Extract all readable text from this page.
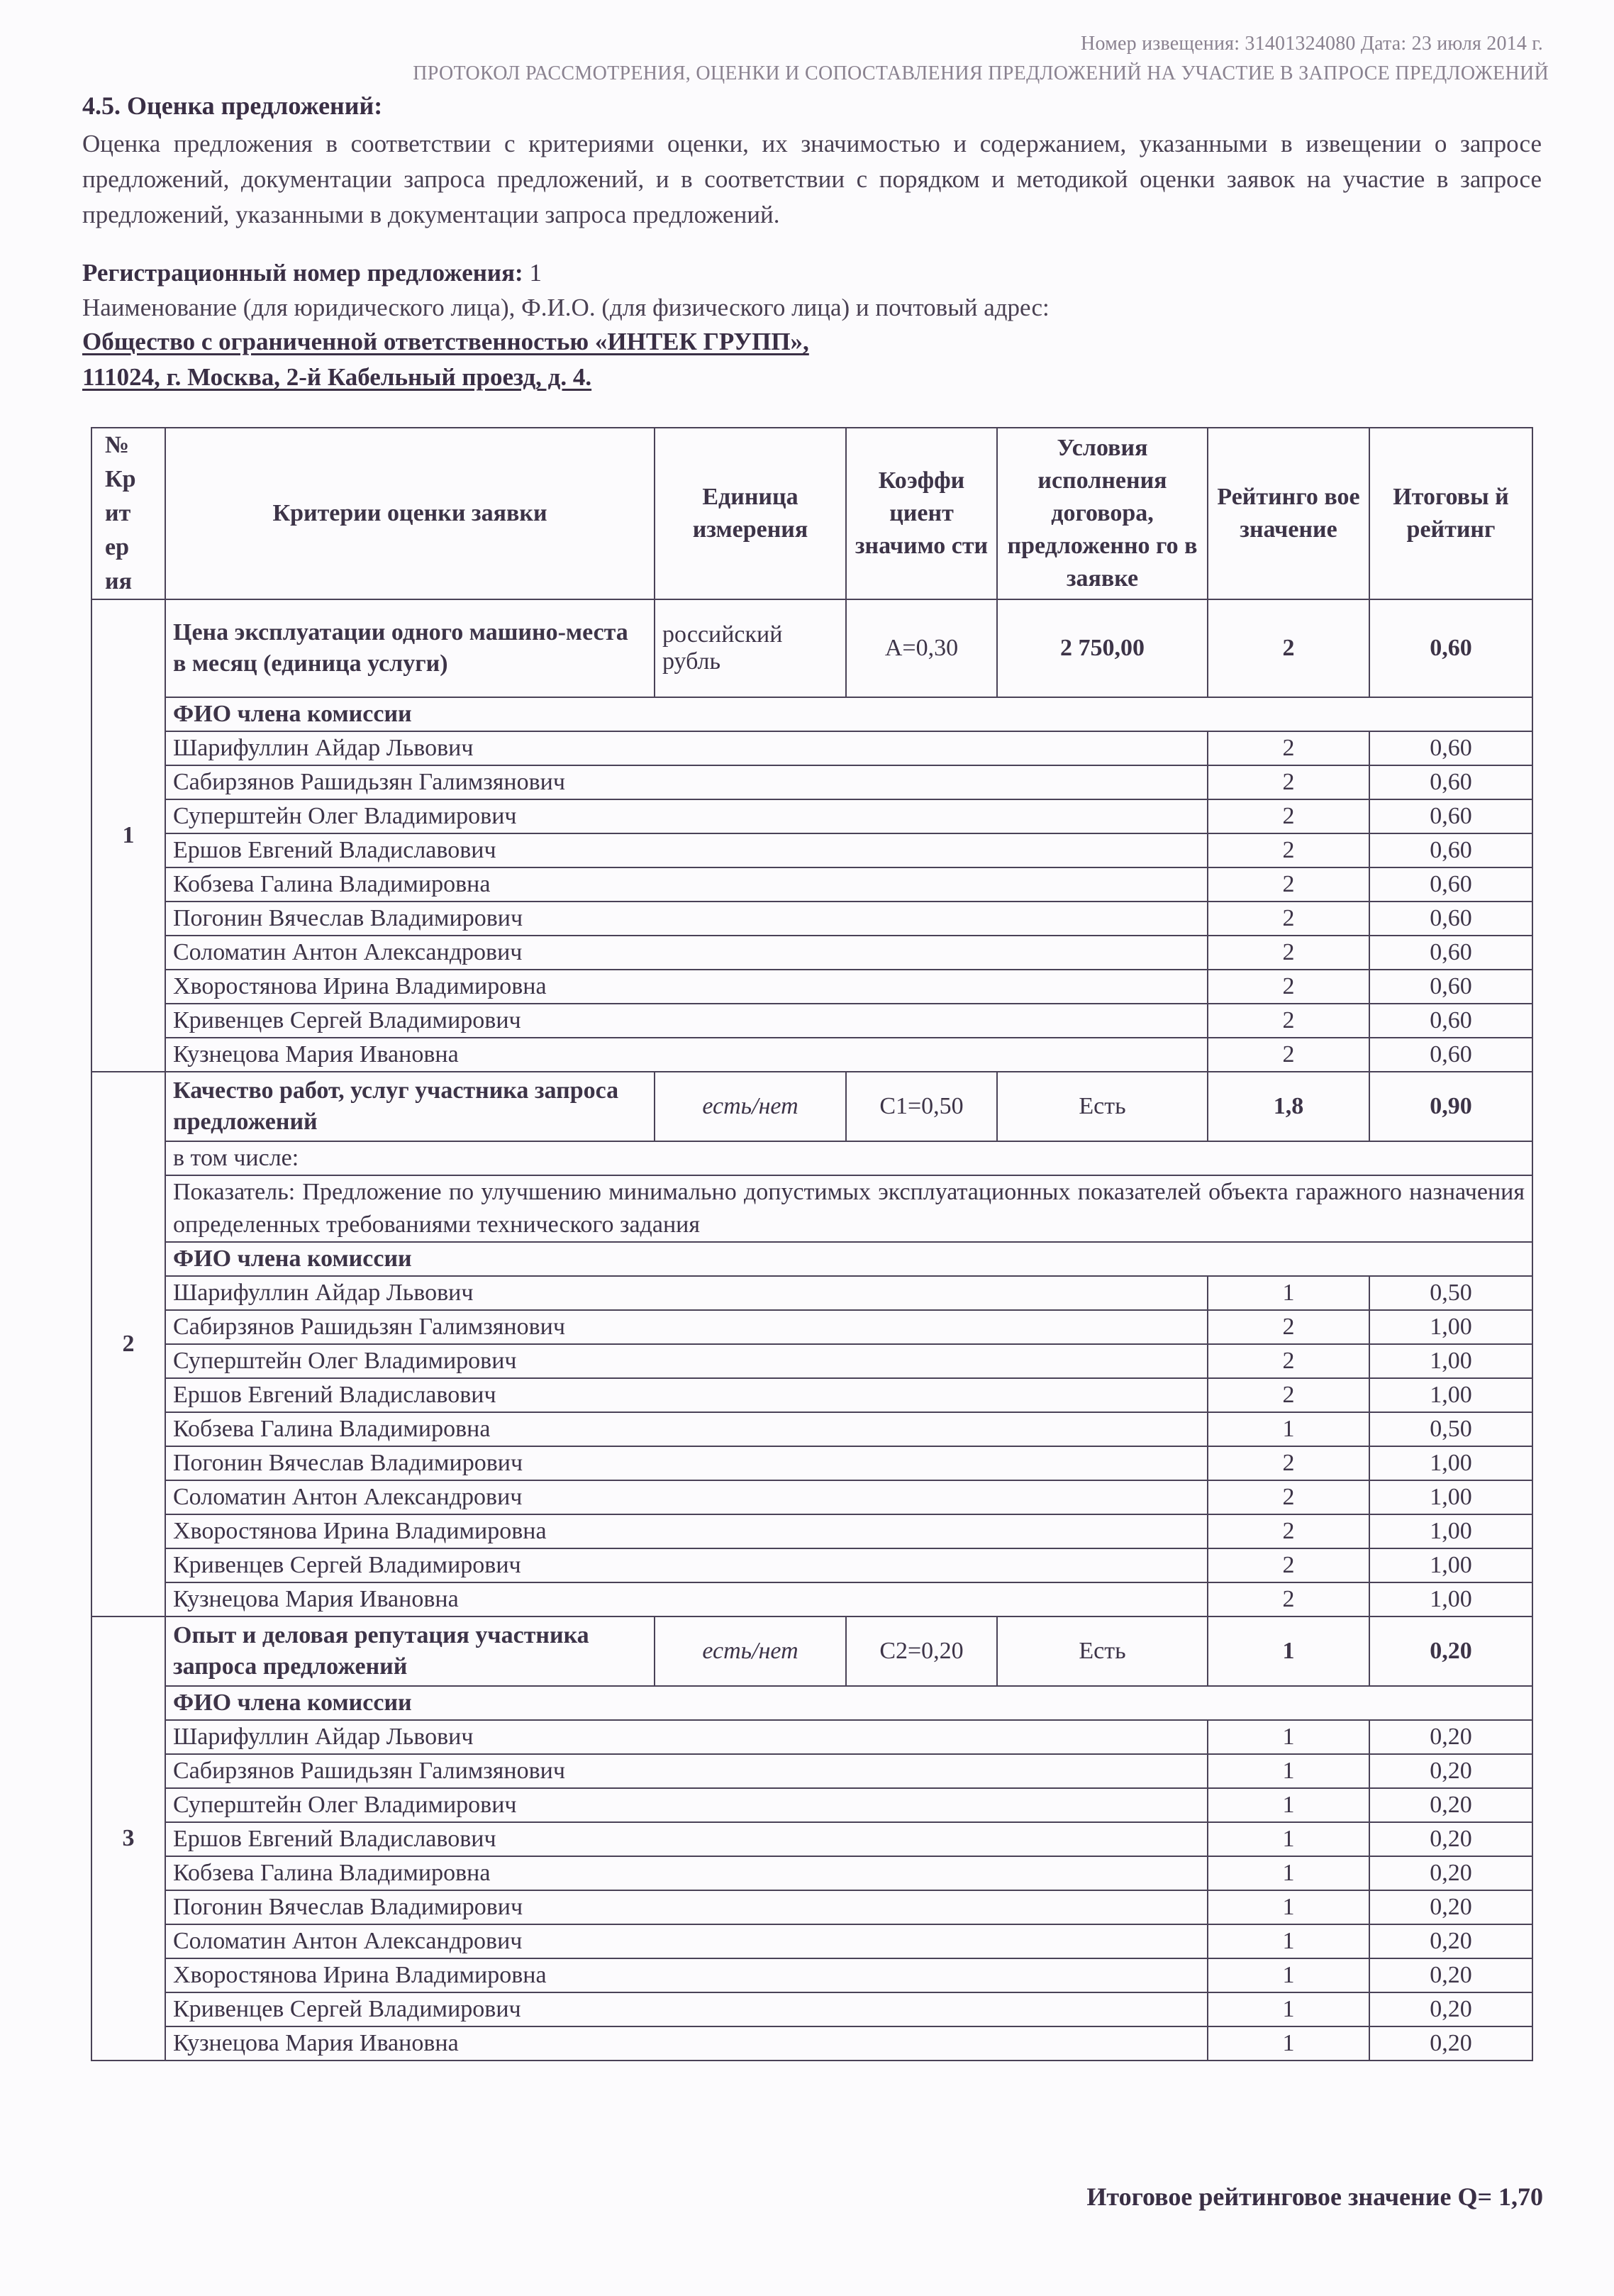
Номер извещения: 31401324080 Дата: 23 июля 2014 г.
ПРОТОКОЛ РАССМОТРЕНИЯ, ОЦЕНКИ И СОПОСТАВЛЕНИЯ ПРЕДЛОЖЕНИЙ НА УЧАСТИЕ В ЗАПРОСЕ ПРЕДЛОЖЕНИЙ
4.5. Оценка предложений:
Оценка предложения в соответствии с критериями оценки, их значимостью и содержанием, указанными в извещении о запросе предложений, документации запроса предложений, и в соответствии с порядком и методикой оценки заявок на участие в запросе предложений, указанными в документации запроса предложений.
Регистрационный номер предложения: 1
Наименование (для юридического лица), Ф.И.О. (для физического лица) и почтовый адрес:
Общество с ограниченной ответственностью «ИНТЕК ГРУПП»,
111024, г. Москва, 2-й Кабельный проезд, д. 4.
№ Кр ит ер ия	Критерии оценки заявки	Единица измерения	Коэффи циент значимо сти	Условия исполнения договора, предложенно го в заявке	Рейтинго вое значение	Итоговы й рейтинг
1	Цена эксплуатации одного машино-места в месяц (единица услуги)	российский рубль	А=0,30	2 750,00	2	0,60
	ФИО члена комиссии					
	Шарифуллин Айдар Львович				2	0,60
	Сабирзянов Рашидьзян Галимзянович				2	0,60
	Суперштейн Олег Владимирович				2	0,60
	Ершов Евгений Владиславович				2	0,60
	Кобзева Галина Владимировна				2	0,60
	Погонин Вячеслав Владимирович				2	0,60
	Соломатин Антон Александрович				2	0,60
	Хворостянова Ирина Владимировна				2	0,60
	Кривенцев Сергей Владимирович				2	0,60
	Кузнецова Мария Ивановна				2	0,60
2	Качество работ, услуг участника запроса предложений	есть/нет	С1=0,50	Есть	1,8	0,90
	в том числе:					
	Показатель: Предложение по улучшению минимально допустимых эксплуатационных показателей объекта гаражного назначения определенных требованиями технического задания					
	ФИО члена комиссии					
	Шарифуллин Айдар Львович				1	0,50
	Сабирзянов Рашидьзян Галимзянович				2	1,00
	Суперштейн Олег Владимирович				2	1,00
	Ершов Евгений Владиславович				2	1,00
	Кобзева Галина Владимировна				1	0,50
	Погонин Вячеслав Владимирович				2	1,00
	Соломатин Антон Александрович				2	1,00
	Хворостянова Ирина Владимировна				2	1,00
	Кривенцев Сергей Владимирович				2	1,00
	Кузнецова Мария Ивановна				2	1,00
3	Опыт и деловая репутация участника запроса предложений	есть/нет	С2=0,20	Есть	1	0,20
	ФИО члена комиссии					
	Шарифуллин Айдар Львович				1	0,20
	Сабирзянов Рашидьзян Галимзянович				1	0,20
	Суперштейн Олег Владимирович				1	0,20
	Ершов Евгений Владиславович				1	0,20
	Кобзева Галина Владимировна				1	0,20
	Погонин Вячеслав Владимирович				1	0,20
	Соломатин Антон Александрович				1	0,20
	Хворостянова Ирина Владимировна				1	0,20
	Кривенцев Сергей Владимирович				1	0,20
	Кузнецова Мария Ивановна				1	0,20
Итоговое рейтинговое значение Q= 1,70
